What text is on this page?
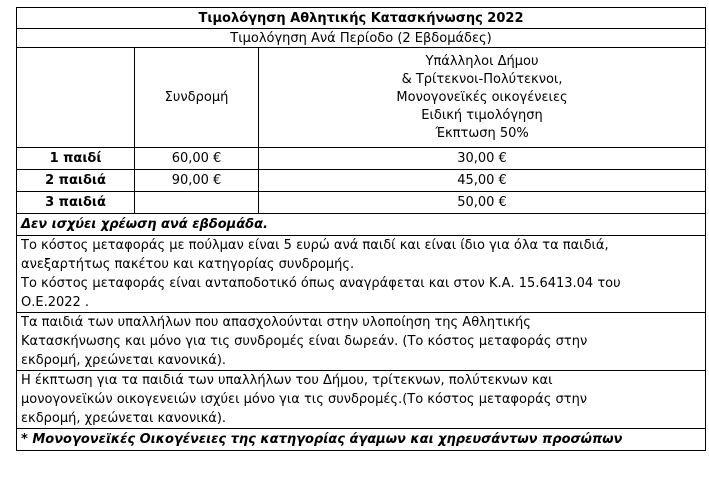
Τιμολόγηση Αθλητικής Κατασκήνωσης 2022		
Τιμολόγηση Ανά Περίοδο (2 Εβδομάδες)		
	Συνδρομή	Υπάλληλοι Δήμου
& Τρίτεκνοι-Πολύτεκνοι,
Μονογονεϊκές οικογένειες
Ειδική τιμολόγηση
Έκπτωση 50%

1 παιδί	60,00 €	30,00 €
2 παιδιά	90,00 €	45,00 €
3 παιδιά		50,00 €
Δεν ισχύει χρέωση ανά εβδομάδα.		

Το κόστος μεταφοράς με πούλμαν είναι 5 ευρώ ανά παιδί και είναι ίδιο για όλα τα παιδιά,
ανεξαρτήτως πακέτου και κατηγορίας συνδρομής.
Το κόστος μεταφοράς είναι ανταποδοτικό όπως αναγράφεται και στον Κ.Α. 15.6413.04 του
Ο.Ε.2022 .		

Τα παιδιά των υπαλλήλων που απασχολούνται στην υλοποίηση της Αθλητικής
Κατασκήνωσης και μόνο για τις συνδρομές είναι δωρεάν. (Το κόστος μεταφοράς στην
εκδρομή, χρεώνεται κανονικά).		

Η έκπτωση για τα παιδιά των υπαλλήλων του Δήμου, τρίτεκνων, πολύτεκνων και
μονογονεϊκών οικογενειών ισχύει μόνο για τις συνδρομές.(Το κόστος μεταφοράς στην
εκδρομή, χρεώνεται κανονικά).		

* Μονογονεϊκές Οικογένειες της κατηγορίας άγαμων και χηρευσάντων προσώπων		
